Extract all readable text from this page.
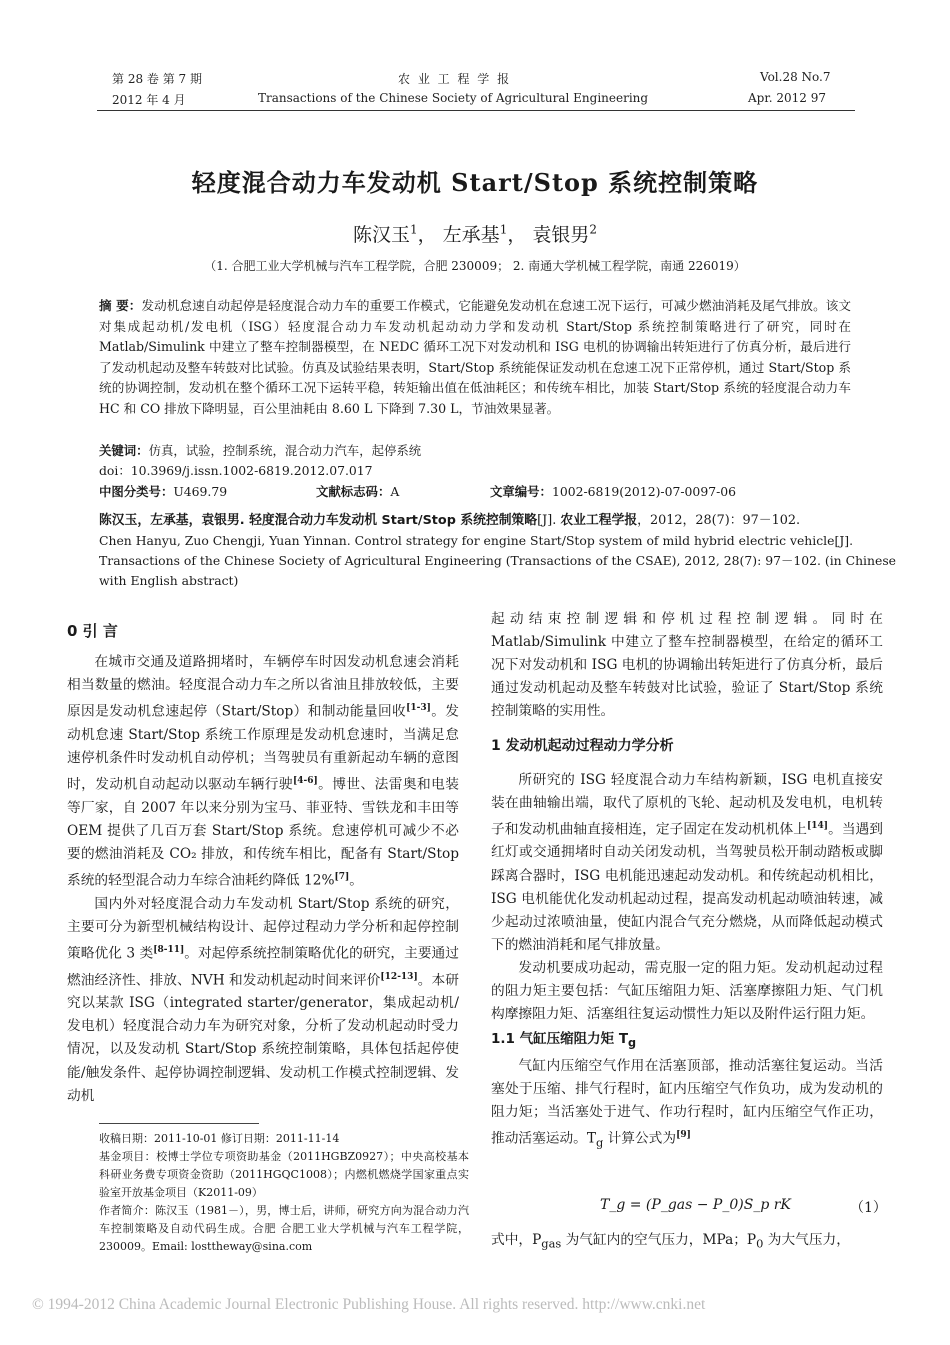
第 28 卷 第 7 期
2012 年 4 月
农 业 工 程 学 报
Transactions of the Chinese Society of Agricultural Engineering
Vol.28 No.7
Apr. 2012 97
轻度混合动力车发动机 Start/Stop 系统控制策略
陈汉玉$^1$， 左承基$^1$， 袁银男$^2$
（1. 合肥工业大学机械与汽车工程学院，合肥 230009； 2. 南通大学机械工程学院，南通 226019）
摘 要：发动机怠速自动起停是轻度混合动力车的重要工作模式，它能避免发动机在怠速工况下运行，可减少燃油消耗及尾气排放。该文对集成起动机/发电机（ISG）轻度混合动力车发动机起动动力学和发动机 Start/Stop 系统控制策略进行了研究，同时在 Matlab/Simulink 中建立了整车控制器模型，在 NEDC 循环工况下对发动机和 ISG 电机的协调输出转矩进行了仿真分析，最后进行了发动机起动及整车转鼓对比试验。仿真及试验结果表明，Start/Stop 系统能保证发动机在怠速工况下正常停机，通过 Start/Stop 系统的协调控制，发动机在整个循环工况下运转平稳，转矩输出值在低油耗区；和传统车相比，加装 Start/Stop 系统的轻度混合动力车 HC 和 CO 排放下降明显，百公里油耗由 8.60 L 下降到 7.30 L，节油效果显著。
关键词：仿真，试验，控制系统，混合动力汽车，起停系统
doi：10.3969/j.issn.1002-6819.2012.07.017
中图分类号：U469.79	文献标志码：A	文章编号：1002-6819(2012)-07-0097-06
陈汉玉，左承基，袁银男. 轻度混合动力车发动机 Start/Stop 系统控制策略[J]. 农业工程学报，2012，28(7)：97－102.
Chen Hanyu, Zuo Chengji, Yuan Yinnan. Control strategy for engine Start/Stop system of mild hybrid electric vehicle[J].
Transactions of the Chinese Society of Agricultural Engineering (Transactions of the CSAE), 2012, 28(7): 97－102. (in Chinese
with English abstract)
0 引 言

在城市交通及道路拥堵时，车辆停车时因发动机怠速会消耗相当数量的燃油。轻度混合动力车之所以省油且排放较低，主要原因是发动机怠速起停（Start/Stop）和制动能量回收[1-3]。发动机怠速 Start/Stop 系统工作原理是发动机怠速时，当满足怠速停机条件时发动机自动停机；当驾驶员有重新起动车辆的意图时，发动机自动起动以驱动车辆行驶[4-6]。博世、法雷奥和电装等厂家，自 2007 年以来分别为宝马、菲亚特、雪铁龙和丰田等 OEM 提供了几百万套 Start/Stop 系统。怠速停机可减少不必要的燃油消耗及 CO₂ 排放，和传统车相比，配备有 Start/Stop 系统的轻型混合动力车综合油耗约降低 12%[7]。

国内外对轻度混合动力车发动机 Start/Stop 系统的研究，主要可分为新型机械结构设计、起停过程动力学分析和起停控制策略优化 3 类[8-11]。对起停系统控制策略优化的研究，主要通过燃油经济性、排放、NVH 和发动机起动时间来评价[12-13]。本研究以某款 ISG（integrated starter/generator，集成起动机/发电机）轻度混合动力车为研究对象，分析了发动机起动时受力情况，以及发动机 Start/Stop 系统控制策略，具体包括起停使能/触发条件、起停协调控制逻辑、发动机工作模式控制逻辑、发动机

收稿日期：2011-10-01 修订日期：2011-11-14
基金项目：校博士学位专项资助基金（2011HGBZ0927）；中央高校基本科研业务费专项资金资助（2011HGQC1008）；内燃机燃烧学国家重点实验室开放基金项目（K2011-09）
作者简介：陈汉玉（1981－），男，博士后，讲师，研究方向为混合动力汽车控制策略及自动代码生成。合肥 合肥工业大学机械与汽车工程学院，230009。Email: losttheway@sina.com

起动结束控制逻辑和停机过程控制逻辑。同时在 Matlab/Simulink 中建立了整车控制器模型，在给定的循环工况下对发动机和 ISG 电机的协调输出转矩进行了仿真分析，最后通过发动机起动及整车转鼓对比试验，验证了 Start/Stop 系统控制策略的实用性。

1 发动机起动过程动力学分析

所研究的 ISG 轻度混合动力车结构新颖，ISG 电机直接安装在曲轴输出端，取代了原机的飞轮、起动机及发电机，电机转子和发动机曲轴直接相连，定子固定在发动机机体上[14]。当遇到红灯或交通拥堵时自动关闭发动机，当驾驶员松开制动踏板或脚踩离合器时，ISG 电机能迅速起动发动机。和传统起动机相比，ISG 电机能优化发动机起动过程，提高发动机起动喷油转速，减少起动过浓喷油量，使缸内混合气充分燃烧，从而降低起动模式下的燃油消耗和尾气排放量。

发动机要成功起动，需克服一定的阻力矩。发动机起动过程的阻力矩主要包括：气缸压缩阻力矩、活塞摩擦阻力矩、气门机构摩擦阻力矩、活塞组往复运动惯性力矩以及附件运行阻力矩。

1.1 气缸压缩阻力矩 $T_g$

气缸内压缩空气作用在活塞顶部，推动活塞往复运动。当活塞处于压缩、排气行程时，缸内压缩空气作负功，成为发动机的阻力矩；当活塞处于进气、作功行程时，缸内压缩空气作正功，推动活塞运动。$T_g$ 计算公式为[9]

T_g = (P_gas − P_0)S_p rK	（1）

式中，$P_{gas}$ 为气缸内的空气压力，MPa；$P_0$ 为大气压力，

© 1994-2012 China Academic Journal Electronic Publishing House. All rights reserved. http://www.cnki.net
